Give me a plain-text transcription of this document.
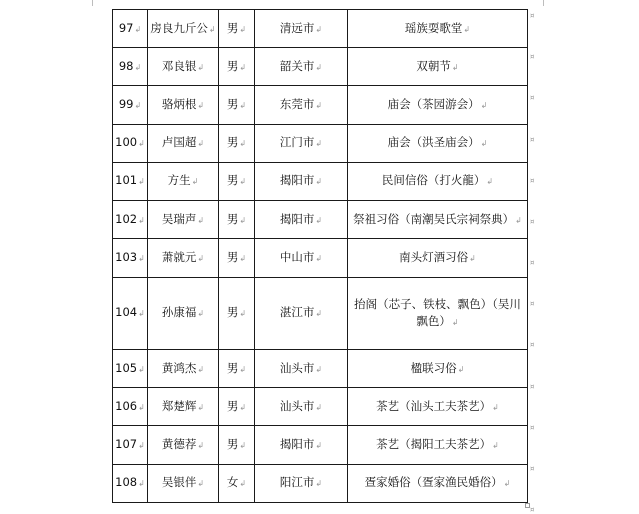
97↲	房良九斤公↲	男↲	清远市↲	瑶族耍歌堂↲
98↲	邓良银↲	男↲	韶关市↲	双朝节↲
99↲	骆炳根↲	男↲	东莞市↲	庙会（茶园游会）↲
100↲	卢国超↲	男↲	江门市↲	庙会（洪圣庙会）↲
101↲	方生↲	男↲	揭阳市↲	民间信俗（打火龍）↲
102↲	吴瑞声↲	男↲	揭阳市↲	祭祖习俗（南潮吴氏宗祠祭典）↲
103↲	萧就元↲	男↲	中山市↲	南头灯酒习俗↲
104↲	孙康福↲	男↲	湛江市↲	抬阁（芯子、铁枝、飘色）（吴川飘色）↲
105↲	黄鸿杰↲	男↲	汕头市↲	楹联习俗↲
106↲	郑楚辉↲	男↲	汕头市↲	茶艺（汕头工夫茶艺）↲
107↲	黄德荐↲	男↲	揭阳市↲	茶艺（揭阳工夫茶艺）↲
108↲	吴银伴↲	女↲	阳江市↲	疍家婚俗（疍家渔民婚俗）↲
¤
¤
¤
¤
¤
¤
¤
¤
¤
¤
¤
¤
¤
